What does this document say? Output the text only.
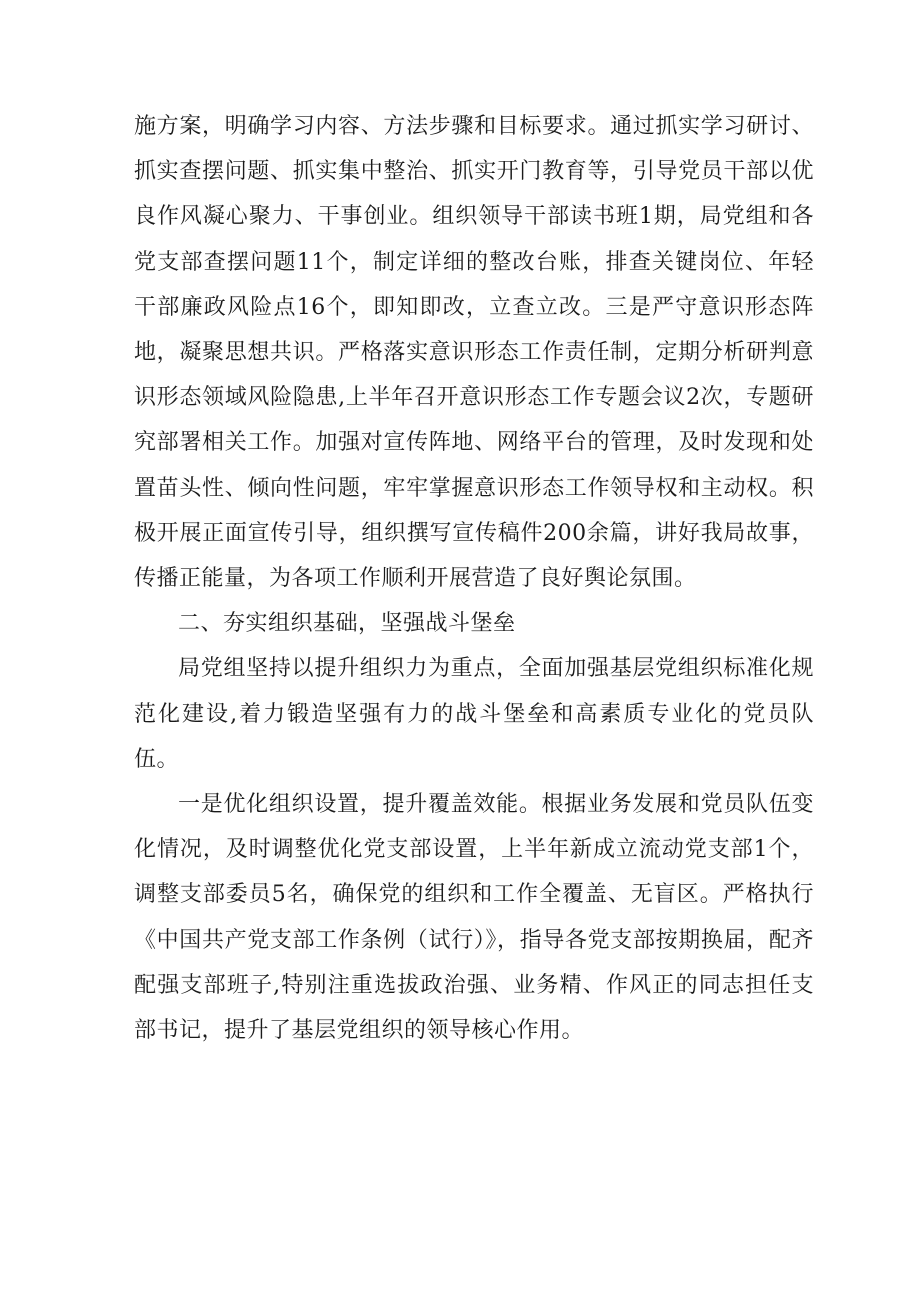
施方案，明确学习内容、方法步骤和目标要求。通过抓实学习研讨、抓实查摆问题、抓实集中整治、抓实开门教育等，引导党员干部以优良作风凝心聚力、干事创业。组织领导干部读书班1期，局党组和各党支部查摆问题11个，制定详细的整改台账，排查关键岗位、年轻干部廉政风险点16个，即知即改，立查立改。三是严守意识形态阵地，凝聚思想共识。严格落实意识形态工作责任制，定期分析研判意识形态领域风险隐患,上半年召开意识形态工作专题会议2次，专题研究部署相关工作。加强对宣传阵地、网络平台的管理，及时发现和处置苗头性、倾向性问题，牢牢掌握意识形态工作领导权和主动权。积极开展正面宣传引导，组织撰写宣传稿件200余篇，讲好我局故事，传播正能量，为各项工作顺利开展营造了良好舆论氛围。

二、夯实组织基础，坚强战斗堡垒

局党组坚持以提升组织力为重点，全面加强基层党组织标准化规范化建设,着力锻造坚强有力的战斗堡垒和高素质专业化的党员队伍。

一是优化组织设置，提升覆盖效能。根据业务发展和党员队伍变化情况，及时调整优化党支部设置，上半年新成立流动党支部1个，调整支部委员5名，确保党的组织和工作全覆盖、无盲区。严格执行《中国共产党支部工作条例（试行）》，指导各党支部按期换届，配齐配强支部班子,特别注重选拔政治强、业务精、作风正的同志担任支部书记，提升了基层党组织的领导核心作用。
